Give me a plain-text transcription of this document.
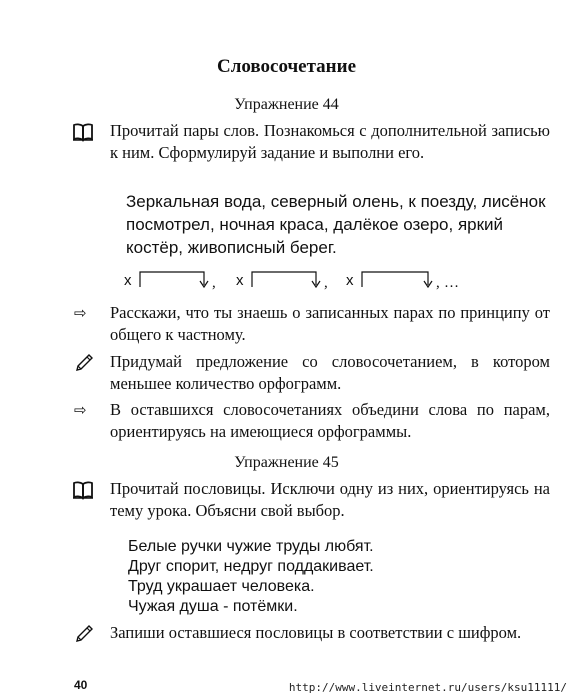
Словосочетание
Упражнение 44
Прочитай пары слов. Познакомься с дополнительной записью к ним. Сформулируй задание и выполни его.
Зеркальная вода, северный олень, к поезду, лисёнок посмотрел, ночная краса, далёкое озеро, яркий костёр, живописный берег.
х	, х	, х	, …
⇨ Расскажи, что ты знаешь о записанных парах по принципу от общего к частному.
Придумай предложение со словосочетанием, в котором меньшее количество орфограмм.
⇨ В оставшихся словосочетаниях объедини слова по парам, ориентируясь на имеющиеся орфограммы.
Упражнение 45
Прочитай пословицы. Исключи одну из них, ориентируясь на тему урока. Объясни свой выбор.
Белые ручки чужие труды любят.
Друг спорит, недруг поддакивает.
Труд украшает человека.
Чужая душа - потёмки.
Запиши оставшиеся пословицы в соответствии с шифром.
40	http://www.liveinternet.ru/users/ksu11111/
